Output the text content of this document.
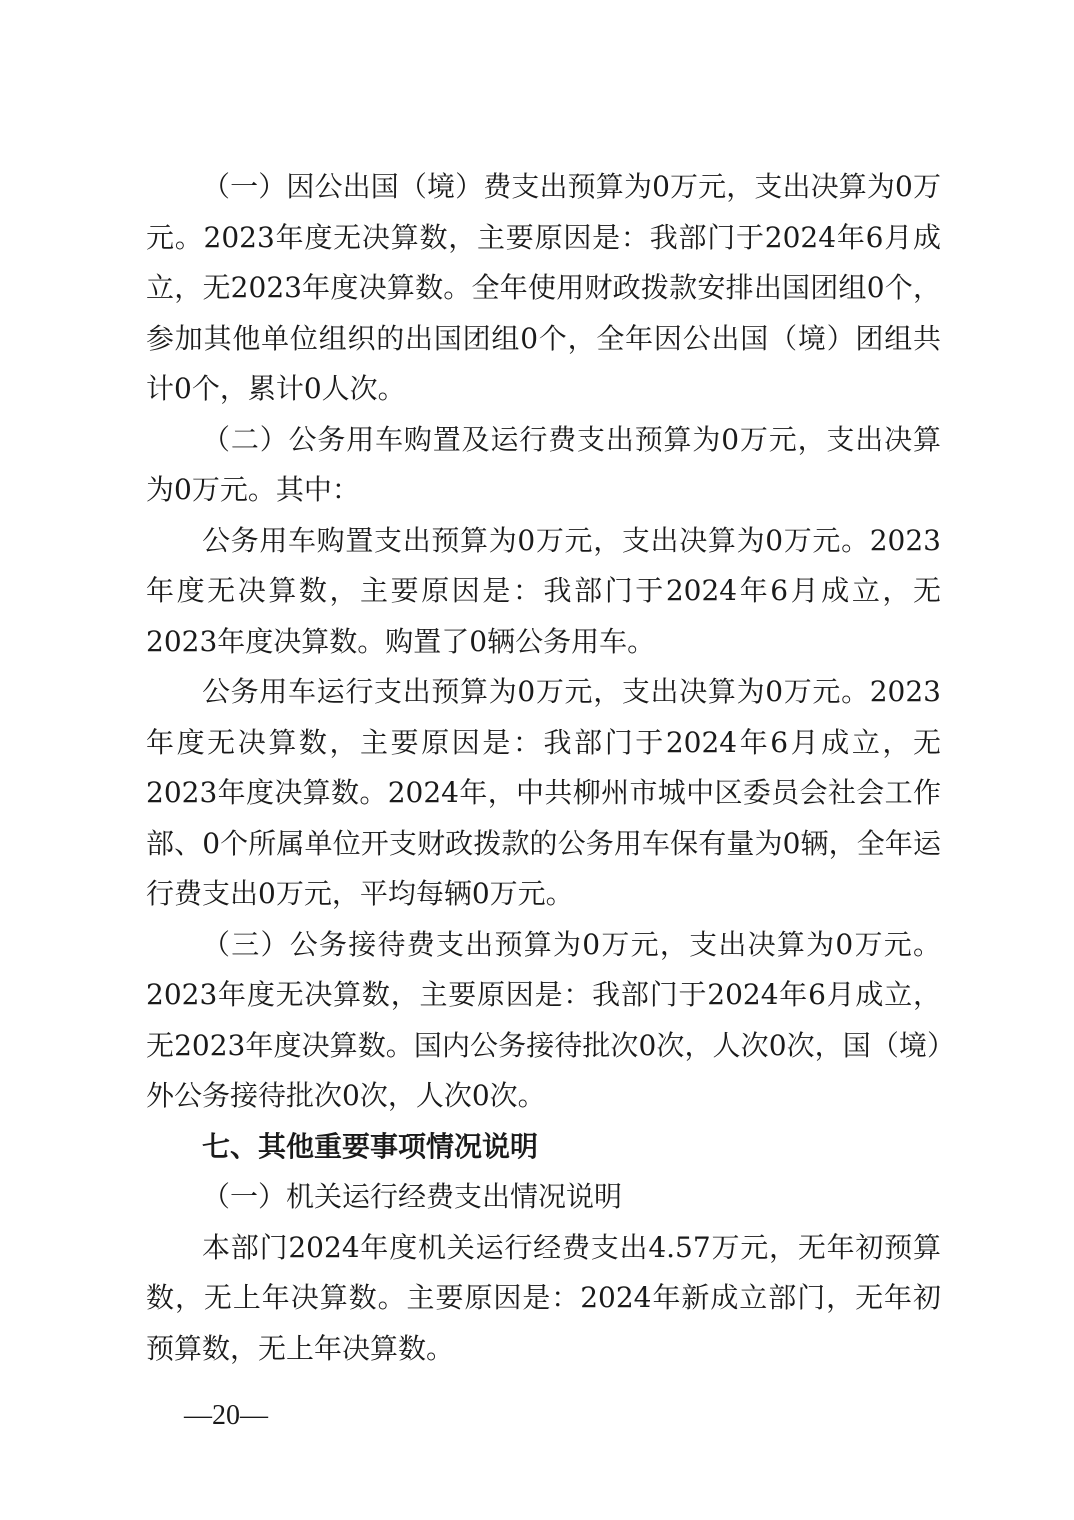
（一）因公出国（境）费支出预算为0万元，支出决算为0万元。2023年度无决算数，主要原因是：我部门于2024年6月成立，无2023年度决算数。全年使用财政拨款安排出国团组0个，参加其他单位组织的出国团组0个，全年因公出国（境）团组共计0个，累计0人次。

（二）公务用车购置及运行费支出预算为0万元，支出决算为0万元。其中：

公务用车购置支出预算为0万元，支出决算为0万元。2023年度无决算数，主要原因是：我部门于2024年6月成立，无2023年度决算数。购置了0辆公务用车。

公务用车运行支出预算为0万元，支出决算为0万元。2023年度无决算数，主要原因是：我部门于2024年6月成立，无2023年度决算数。2024年，中共柳州市城中区委员会社会工作部、0个所属单位开支财政拨款的公务用车保有量为0辆，全年运行费支出0万元，平均每辆0万元。

（三）公务接待费支出预算为0万元，支出决算为0万元。2023年度无决算数，主要原因是：我部门于2024年6月成立，无2023年度决算数。国内公务接待批次0次，人次0次，国（境）外公务接待批次0次，人次0次。

七、其他重要事项情况说明

（一）机关运行经费支出情况说明

本部门2024年度机关运行经费支出4.57万元，无年初预算数，无上年决算数。主要原因是：2024年新成立部门，无年初预算数，无上年决算数。

—20—
